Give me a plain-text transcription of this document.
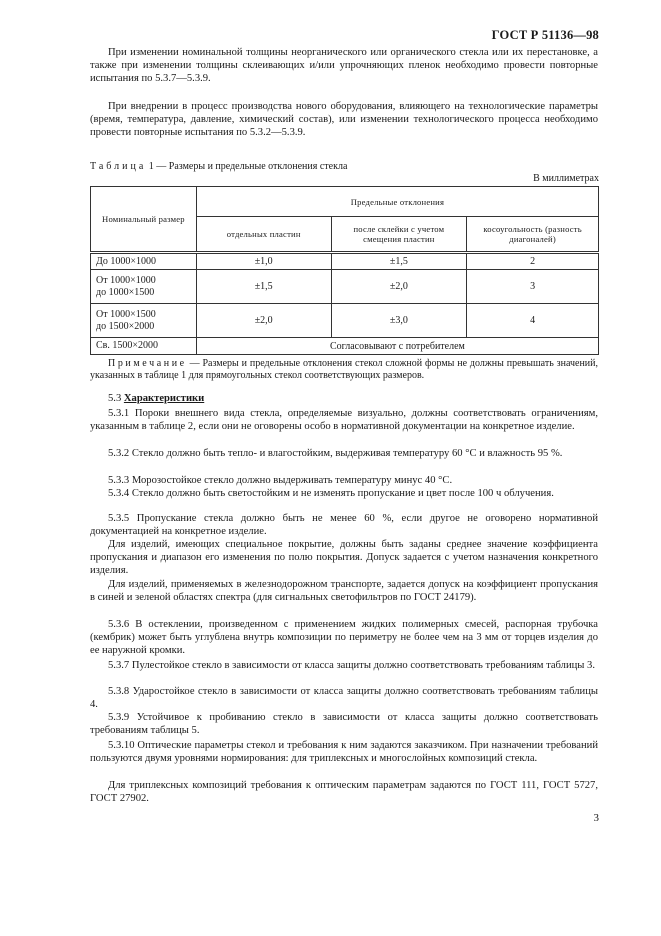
ГОСТ Р 51136—98

При изменении номинальной толщины неорганического или органического стекла или их перестановке, а также при изменении толщины склеивающих и/или упрочняющих пленок необходимо провести повторные испытания по 5.3.7—5.3.9.

При внедрении в процесс производства нового оборудования, влияющего на технологические параметры (время, температура, давление, химический состав), или изменении технологического процесса необходимо провести повторные испытания по 5.3.2—5.3.9.

Таблица 1 — Размеры и предельные отклонения стекла
В миллиметрах
Номинальный размер	Предельные отклонения		
	отдельных пластин	после склейки с учетом смещения пластин	косоугольность (разность диагоналей)
До 1000×1000	±1,0	±1,5	2
От 1000×1000
до 1000×1500	±1,5	±2,0	3
От 1000×1500
до 1500×2000	±2,0	±3,0	4
Св. 1500×2000	Согласовывают с потребителем		
Примечание — Размеры и предельные отклонения стекол сложной формы не должны превышать значений, указанных в таблице 1 для прямоугольных стекол соответствующих размеров.
5.3 Характеристики

5.3.1 Пороки внешнего вида стекла, определяемые визуально, должны соответствовать ограничениям, указанным в таблице 2, если они не оговорены особо в нормативной документации на конкретное изделие.

5.3.2 Стекло должно быть тепло- и влагостойким, выдерживая температуру 60 °С и влажность 95 %.

5.3.3 Морозостойкое стекло должно выдерживать температуру минус 40 °С.

5.3.4 Стекло должно быть светостойким и не изменять пропускание и цвет после 100 ч облучения.

5.3.5 Пропускание стекла должно быть не менее 60 %, если другое не оговорено нормативной документацией на конкретное изделие.

Для изделий, имеющих специальное покрытие, должны быть заданы среднее значение коэффициента пропускания и диапазон его изменения по полю покрытия. Допуск задается с учетом назначения конкретного изделия.

Для изделий, применяемых в железнодорожном транспорте, задается допуск на коэффициент пропускания в синей и зеленой областях спектра (для сигнальных светофильтров по ГОСТ 24179).

5.3.6 В остеклении, произведенном с применением жидких полимерных смесей, распорная трубочка (кембрик) может быть углублена внутрь композиции по периметру не более чем на 3 мм от торцев изделия до ее наружной кромки.

5.3.7 Пулестойкое стекло в зависимости от класса защиты должно соответствовать требованиям таблицы 3.

5.3.8 Ударостойкое стекло в зависимости от класса защиты должно соответствовать требованиям таблицы 4.

5.3.9 Устойчивое к пробиванию стекло в зависимости от класса защиты должно соответствовать требованиям таблицы 5.

5.3.10 Оптические параметры стекол и требования к ним задаются заказчиком. При назначении требований пользуются двумя уровнями нормирования: для триплексных и многослойных композиций стекла.

Для триплексных композиций требования к оптическим параметрам задаются по ГОСТ 111, ГОСТ 5727, ГОСТ 27902.

3
